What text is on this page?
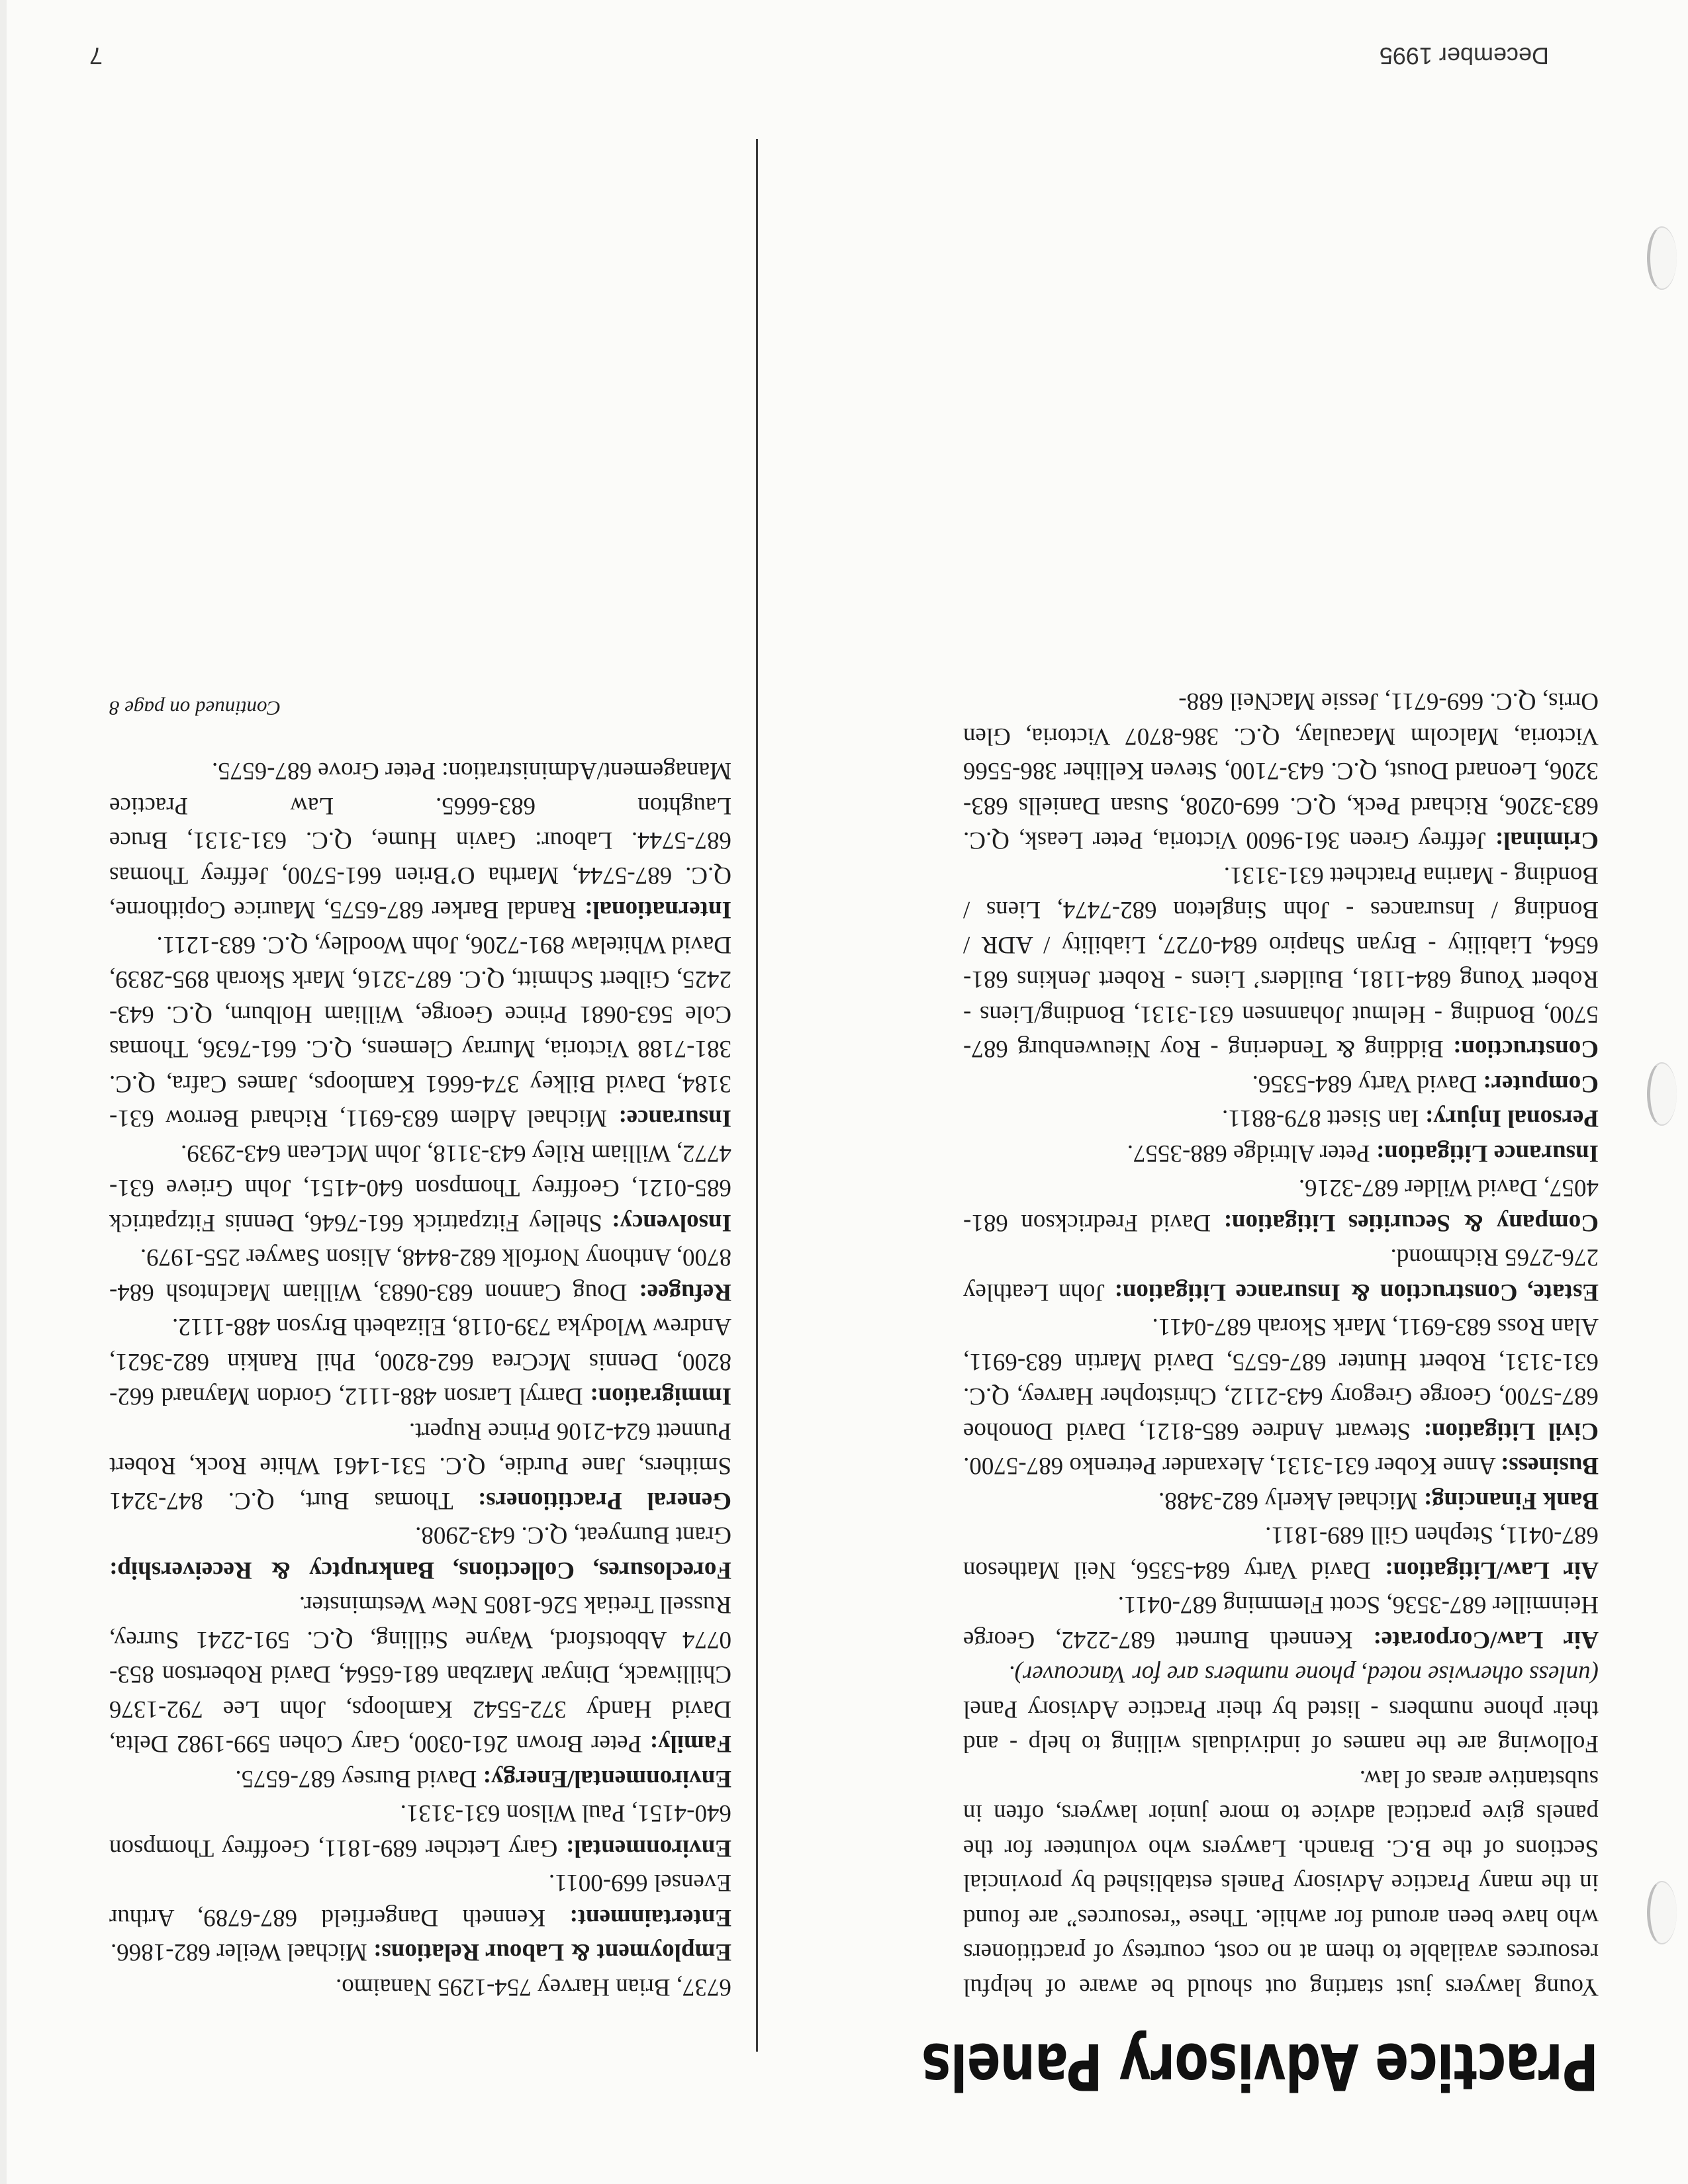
Practice Advisory Panels

Young lawyers just starting out should be aware of helpful resources available to them at no cost, courtesy of practitioners who have been around for awhile. These “resources” are found in the many Practice Advisory Panels established by provincial Sections of the B.C. Branch. Lawyers who volunteer for the panels give practical advice to more junior lawyers, often in substantive areas of law.

Following are the names of individuals willing to help - and their phone numbers - listed by their Practice Advisory Panel (unless otherwise noted, phone numbers are for Vancouver).

Air Law/Corporate: Kenneth Burnett 687-2242, George Heinmiller 687-3536, Scott Flemming 687-0411.

Air Law/Litigation: David Varty 684-5356, Neil Matheson 687-0411, Stephen Gill 689-1811.

Bank Financing: Michael Akerly 682-3488.

Business: Anne Kober 631-3131, Alexander Petrenko 687-5700.

Civil Litigation: Stewart Andree 685-8121, David Donohoe 687-5700, George Gregory 643-2112, Christopher Harvey, Q.C. 631-3131, Robert Hunter 687-6575, David Martin 683-6911, Alan Ross 683-6911, Mark Skorah 687-0411.

Estate, Construction & Insurance Litigation: John Leathley 276-2765 Richmond.

Company & Securities Litigation: David Fredrickson 681-4057, David Wilder 687-3216.

Insurance Litigation: Peter Altridge 688-3557.

Personal Injury: Ian Sisett 879-8811.

Computer: David Varty 684-5356.

Construction: Bidding & Tendering - Roy Nieuwenburg 687-5700, Bonding - Helmut Johannsen 631-3131, Bonding/Liens - Robert Young 684-1181, Builders’ Liens - Robert Jenkins 681-6564, Liability - Bryan Shapiro 684-0727, Liability / ADR / Bonding / Insurances - John Singleton 682-7474, Liens / Bonding - Marina Pratchett 631-3131.

Criminal: Jeffrey Green 361-9600 Victoria, Peter Leask, Q.C. 683-3206, Richard Peck, Q.C. 669-0208, Susan Daniells 683-3206, Leonard Doust, Q.C. 643-7100, Steven Kelliher 386-5566 Victoria, Malcolm Macaulay, Q.C. 386-8707 Victoria, Glen Orris, Q.C. 669-6711, Jessie MacNeil 688-

6737, Brian Harvey 754-1295 Nanaimo.

Employment & Labour Relations: Michael Weiler 682-1866.

Entertainment: Kenneth Dangerfield 687-6789, Arthur Evensel 669-0011.

Environmental: Gary Letcher 689-1811, Geoffrey Thompson 640-4151, Paul Wilson 631-3131.

Environmental/Energy: David Bursey 687-6575.

Family: Peter Brown 261-0300, Gary Cohen 599-1982 Delta, David Handy 372-5542 Kamloops, John Lee 792-1376 Chilliwack, Dinyar Marzban 681-6564, David Robertson 853-0774 Abbotsford, Wayne Stilling, Q.C. 591-2241 Surrey, Russell Tretiak 526-1805 New Westminster.

Foreclosures, Collections, Bankruptcy & Receivership: Grant Burnyeat, Q.C. 643-2908.

General Practitioners: Thomas Burt, Q.C. 847-3241 Smithers, Jane Purdie, Q.C. 531-1461 White Rock, Robert Punnett 624-2106 Prince Rupert.

Immigration: Darryl Larson 488-1112, Gordon Maynard 662-8200, Dennis McCrea 662-8200, Phil Rankin 682-3621, Andrew Wlodyka 739-0118, Elizabeth Bryson 488-1112.

Refugee: Doug Cannon 683-0683, William MacIntosh 684-8700, Anthony Norfolk 682-8448, Alison Sawyer 255-1979.

Insolvency: Shelley Fitzpatrick 661-7646, Dennis Fitzpatrick 685-0121, Geoffrey Thompson 640-4151, John Grieve 631-4772, William Riley 643-3118, John McLean 643-2939.

Insurance: Michael Adlem 683-6911, Richard Berrow 631-3184, David Bilkey 374-6661 Kamloops, James Cafra, Q.C. 381-7188 Victoria, Murray Clemens, Q.C. 661-7636, Thomas Cole 563-0681 Prince George, William Holburn, Q.C. 643-2425, Gilbert Schmitt, Q.C. 687-3216, Mark Skorah 895-2839, David Whitelaw 891-7206, John Woodley, Q.C. 683-1211.

International: Randal Barker 687-6575, Maurice Copithorne, Q.C. 687-5744, Martha O’Brien 661-5700, Jeffrey Thomas 687-5744. Labour: Gavin Hume, Q.C. 631-3131, Bruce Laughton 683-6665. Law Practice Management/Administration: Peter Grove 687-6575.

Continued on page 8

December 1995
7
